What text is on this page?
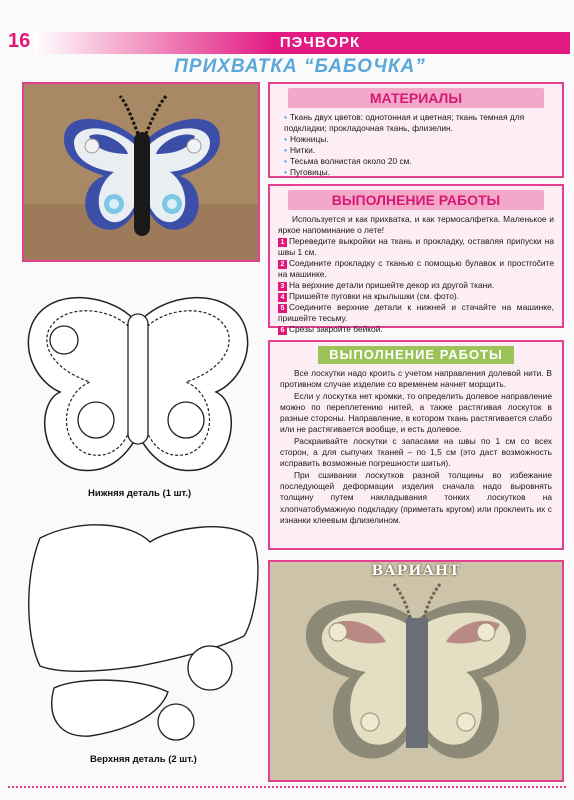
16	ПЭЧВОРК
ПРИХВАТКА “БАБОЧКА”
МАТЕРИАЛЫ
• Ткань двух цветов: однотонная и цветная; ткань темная для подкладки; прокладочная ткань, флизелин.
• Ножницы.
• Нитки.
• Тесьма волнистая около 20 см.
• Пуговицы.
ВЫПОЛНЕНИЕ РАБОТЫ

Используется и как прихватка, и как термосалфетка. Маленькое и яркое напоминание о лете!

1 Переведите выкройки на ткань и прокладку, оставляя припуски на швы 1 см.

2 Соедините прокладку с тканью с помощью булавок и простročите на машинке.

3 На верхние детали пришейте декор из другой ткани.

4 Пришейте пуговки на крылышки (см. фото).

5 Соедините верхние детали к нижней и стачайте на машинке, пришейте тесьму.

6 Срезы закройте бейкой.

Нижняя деталь (1 шт.)
Верхняя деталь (2 шт.)
ВЫПОЛНЕНИЕ РАБОТЫ

Все лоскутки надо кроить с учетом направления долевой нити. В противном случае изделие со временем начнет морщить.

Если у лоскутка нет кромки, то определить долевое направление можно по переплетению нитей, а также растягивая лоскуток в разные стороны. Направление, в котором ткань растягивается слабо или не растягивается вообще, и есть долевое.

Раскраивайте лоскутки с запасами на швы по 1 см со всех сторон, а для сыпучих тканей – по 1,5 см (это даст возможность исправить возможные погрешности шитья).

При сшивании лоскутков разной толщины во избежание последующей деформации изделия сначала надо выровнять толщину путем накладывания тонких лоскутков на хлопчатобумажную подкладку (приметать кругом) или проклеить их с изнанки клеевым флизелином.

ВАРИАНТ
